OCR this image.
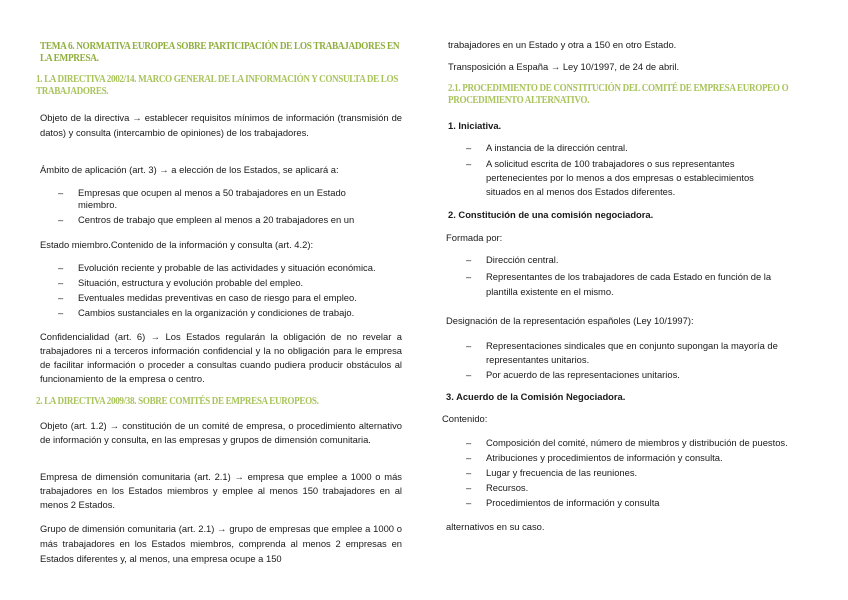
TEMA 6. NORMATIVA EUROPEA SOBRE PARTICIPACIÓN DE LOS TRABAJADORES EN LA EMPRESA.
1. LA DIRECTIVA 2002/14. MARCO GENERAL DE LA INFORMACIÓN Y CONSULTA DE LOS TRABAJADORES.
Objeto de la directiva → establecer requisitos mínimos de información (transmisión de datos) y consulta (intercambio de opiniones) de los trabajadores.
Ámbito de aplicación (art. 3) → a elección de los Estados, se aplicará a:
– Empresas que ocupen al menos a 50 trabajadores en un Estado miembro.
– Centros de trabajo que empleen al menos a 20 trabajadores en un
Estado miembro.Contenido de la información y consulta (art. 4.2):
– Evolución reciente y probable de las actividades y situación económica.
– Situación, estructura y evolución probable del empleo.
– Eventuales medidas preventivas en caso de riesgo para el empleo.
– Cambios sustanciales en la organización y condiciones de trabajo.
Confidencialidad (art. 6) → Los Estados regularán la obligación de no revelar a trabajadores ni a terceros información confidencial y la no obligación para le empresa de facilitar información o proceder a consultas cuando pudiera producir obstáculos al funcionamiento de la empresa o centro.
2. LA DIRECTIVA 2009/38. SOBRE COMITÉS DE EMPRESA EUROPEOS.
Objeto (art. 1.2) → constitución de un comité de empresa, o procedimiento alternativo de información y consulta, en las empresas y grupos de dimensión comunitaria.
Empresa de dimensión comunitaria (art. 2.1) → empresa que emplee a 1000 o más trabajadores en los Estados miembros y emplee al menos 150 trabajadores en al menos 2 Estados.
Grupo de dimensión comunitaria (art. 2.1) → grupo de empresas que emplee a 1000 o más trabajadores en los Estados miembros, comprenda al menos 2 empresas en Estados diferentes y, al menos, una empresa ocupe a 150
trabajadores en un Estado y otra a 150 en otro Estado.
Transposición a España → Ley 10/1997, de 24 de abril.
2.1. PROCEDIMIENTO DE CONSTITUCIÓN DEL COMITÉ DE EMPRESA EUROPEO O PROCEDIMIENTO ALTERNATIVO.
1. Iniciativa.
– A instancia de la dirección central.
– A solicitud escrita de 100 trabajadores o sus representantes pertenecientes por lo menos a dos empresas o establecimientos situados en al menos dos Estados diferentes.
2. Constitución de una comisión negociadora.
Formada por:
– Dirección central.
– Representantes de los trabajadores de cada Estado en función de la plantilla existente en el mismo.
Designación de la representación españoles (Ley 10/1997):
– Representaciones sindicales que en conjunto supongan la mayoría de representantes unitarios.
– Por acuerdo de las representaciones unitarios.
3. Acuerdo de la Comisión Negociadora.
Contenido:
– Composición del comité, número de miembros y distribución de puestos.
– Atribuciones y procedimientos de información y consulta.
– Lugar y frecuencia de las reuniones.
– Recursos.
– Procedimientos de información y consulta
alternativos en su caso.
